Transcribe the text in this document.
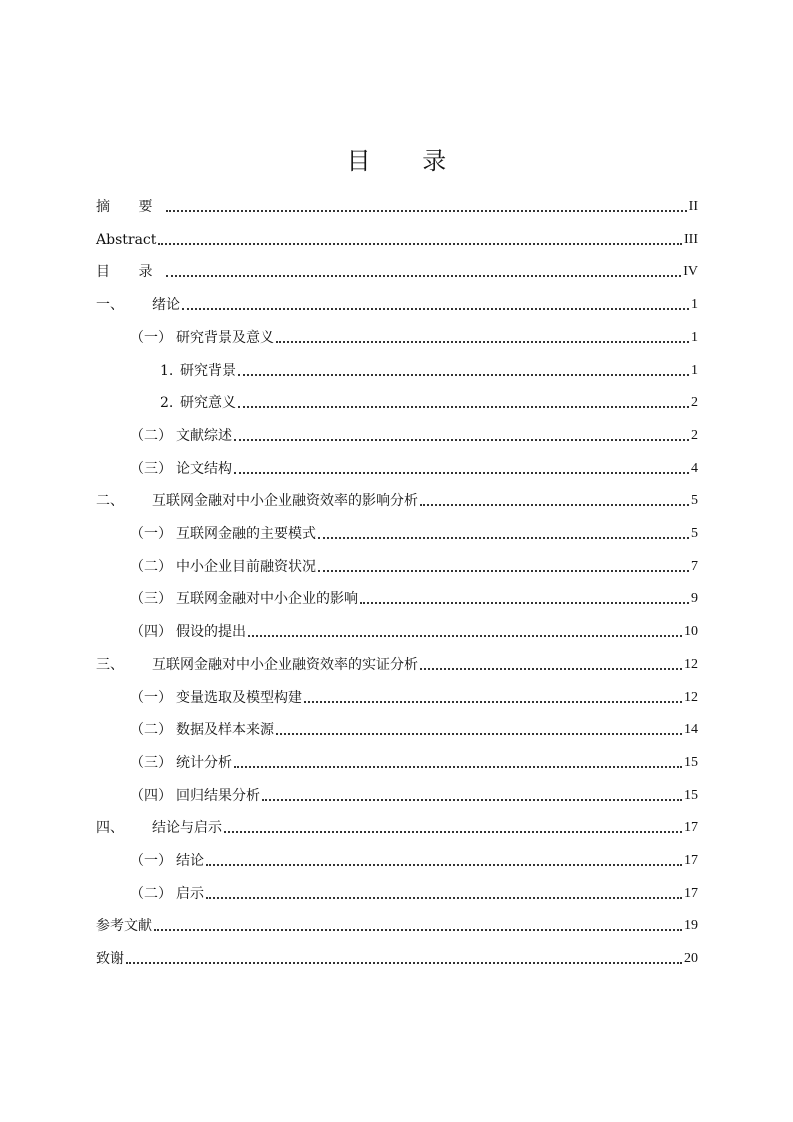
目 录
摘 要	II
Abstract	III
目 录	IV
一、	绪论	1
（一） 研究背景及意义	1
1. 研究背景	1
2. 研究意义	2
（二） 文献综述	2
（三） 论文结构	4
二、	互联网金融对中小企业融资效率的影响分析	5
（一） 互联网金融的主要模式	5
（二） 中小企业目前融资状况	7
（三） 互联网金融对中小企业的影响	9
（四） 假设的提出	10
三、	互联网金融对中小企业融资效率的实证分析	12
（一） 变量选取及模型构建	12
（二） 数据及样本来源	14
（三） 统计分析	15
（四） 回归结果分析	15
四、	结论与启示	17
（一） 结论	17
（二） 启示	17
参考文献	19
致谢	20
